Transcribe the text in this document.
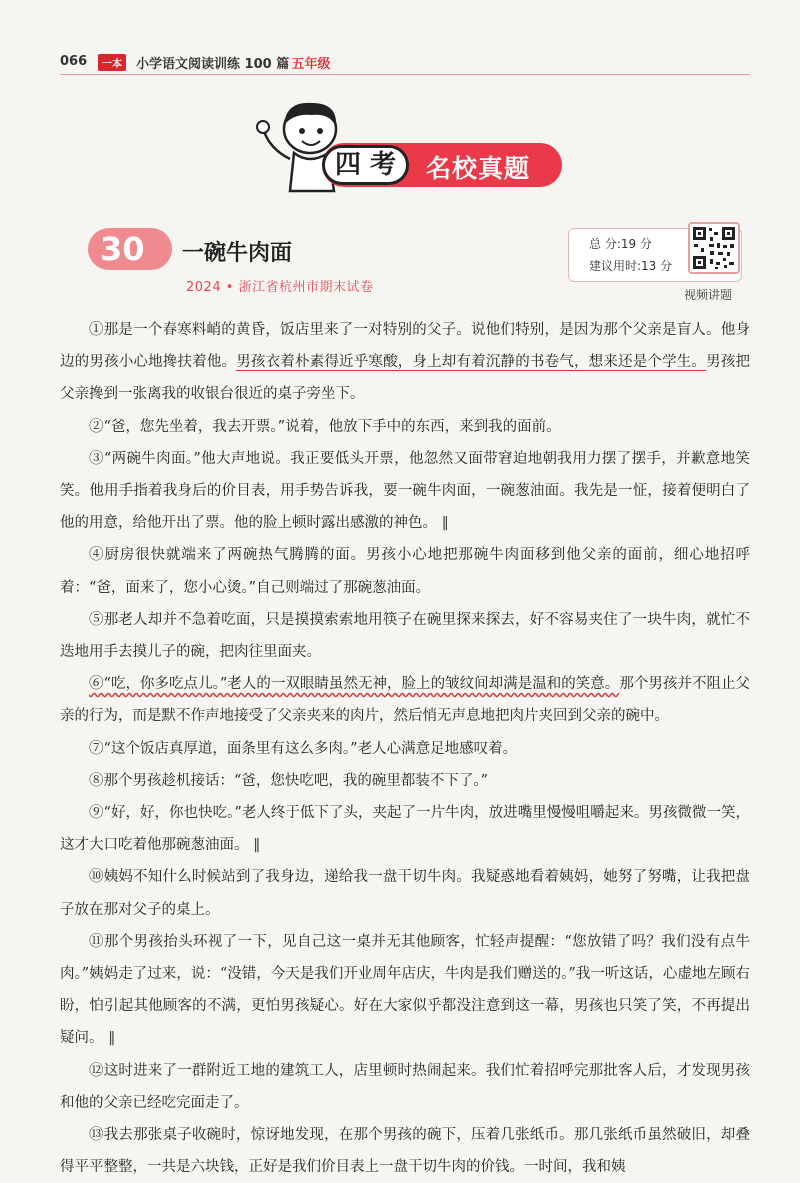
066	一本	小学语文阅读训练 100 篇
· 五年级
四 考	名校真题
30 一碗牛肉面
2024 • 浙江省杭州市期末试卷
总 分:19 分
建议用时:13 分
视频讲题

①那是一个春寒料峭的黄昏，饭店里来了一对特别的父子。说他们特别，是因为那个父亲是盲人。他身边的男孩小心地搀扶着他。男孩衣着朴素得近乎寒酸，身上却有着沉静的书卷气，想来还是个学生。男孩把父亲搀到一张离我的收银台很近的桌子旁坐下。

②“爸，您先坐着，我去开票。”说着，他放下手中的东西，来到我的面前。

③“两碗牛肉面。”他大声地说。我正要低头开票，他忽然又面带窘迫地朝我用力摆了摆手，并歉意地笑笑。他用手指着我身后的价目表，用手势告诉我，要一碗牛肉面，一碗葱油面。我先是一怔，接着便明白了他的用意，给他开出了票。他的脸上顿时露出感激的神色。 ‖

④厨房很快就端来了两碗热气腾腾的面。男孩小心地把那碗牛肉面移到他父亲的面前，细心地招呼着：“爸，面来了，您小心烫。”自己则端过了那碗葱油面。

⑤那老人却并不急着吃面，只是摸摸索索地用筷子在碗里探来探去，好不容易夹住了一块牛肉，就忙不迭地用手去摸儿子的碗，把肉往里面夹。

⑥“吃，你多吃点儿。”老人的一双眼睛虽然无神，脸上的皱纹间却满是温和的笑意。那个男孩并不阻止父亲的行为，而是默不作声地接受了父亲夹来的肉片，然后悄无声息地把肉片夹回到父亲的碗中。

⑦“这个饭店真厚道，面条里有这么多肉。”老人心满意足地感叹着。

⑧那个男孩趁机接话：“爸，您快吃吧，我的碗里都装不下了。”

⑨“好，好，你也快吃。”老人终于低下了头，夹起了一片牛肉，放进嘴里慢慢咀嚼起来。男孩微微一笑，这才大口吃着他那碗葱油面。 ‖

⑩姨妈不知什么时候站到了我身边，递给我一盘干切牛肉。我疑惑地看着姨妈，她努了努嘴，让我把盘子放在那对父子的桌上。

⑪那个男孩抬头环视了一下，见自己这一桌并无其他顾客，忙轻声提醒：“您放错了吗？我们没有点牛肉。”姨妈走了过来，说：“没错，今天是我们开业周年店庆，牛肉是我们赠送的。”我一听这话，心虚地左顾右盼，怕引起其他顾客的不满，更怕男孩疑心。好在大家似乎都没注意到这一幕，男孩也只笑了笑，不再提出疑问。 ‖

⑫这时进来了一群附近工地的建筑工人，店里顿时热闹起来。我们忙着招呼完那批客人后，才发现男孩和他的父亲已经吃完面走了。

⑬我去那张桌子收碗时，惊讶地发现，在那个男孩的碗下，压着几张纸币。那几张纸币虽然破旧，却叠得平平整整，一共是六块钱，正好是我们价目表上一盘干切牛肉的价钱。一时间，我和姨
